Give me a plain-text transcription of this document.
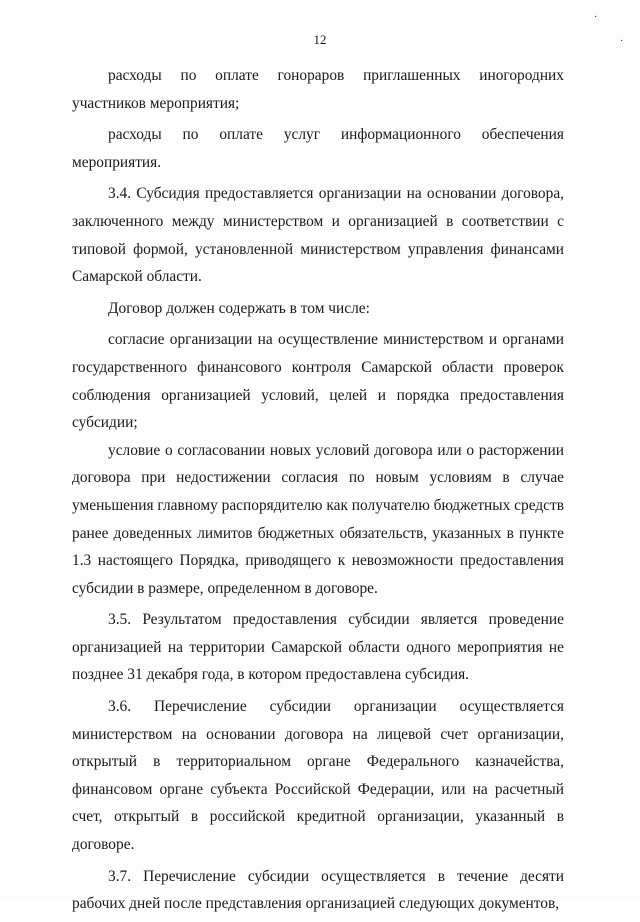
12

расходы по оплате гонораров приглашенных иногородних участников мероприятия;

расходы по оплате услуг информационного обеспечения мероприятия.

3.4. Субсидия предоставляется организации на основании договора, заключенного между министерством и организацией в соответствии с типовой формой, установленной министерством управления финансами Самарской области.

Договор должен содержать в том числе:

согласие организации на осуществление министерством и органами государственного финансового контроля Самарской области проверок соблюдения организацией условий, целей и порядка предоставления субсидии;

условие о согласовании новых условий договора или о расторжении договора при недостижении согласия по новым условиям в случае уменьшения главному распорядителю как получателю бюджетных средств ранее доведенных лимитов бюджетных обязательств, указанных в пункте 1.3 настоящего Порядка, приводящего к невозможности предоставления субсидии в размере, определенном в договоре.

3.5. Результатом предоставления субсидии является проведение организацией на территории Самарской области одного мероприятия не позднее 31 декабря года, в котором предоставлена субсидия.

3.6. Перечисление субсидии организации осуществляется министерством на основании договора на лицевой счет организации, открытый в территориальном органе Федерального казначейства, финансовом органе субъекта Российской Федерации, или на расчетный счет, открытый в российской кредитной организации, указанный в договоре.

3.7. Перечисление субсидии осуществляется в течение десяти рабочих дней после представления организацией следующих документов,

·
·
